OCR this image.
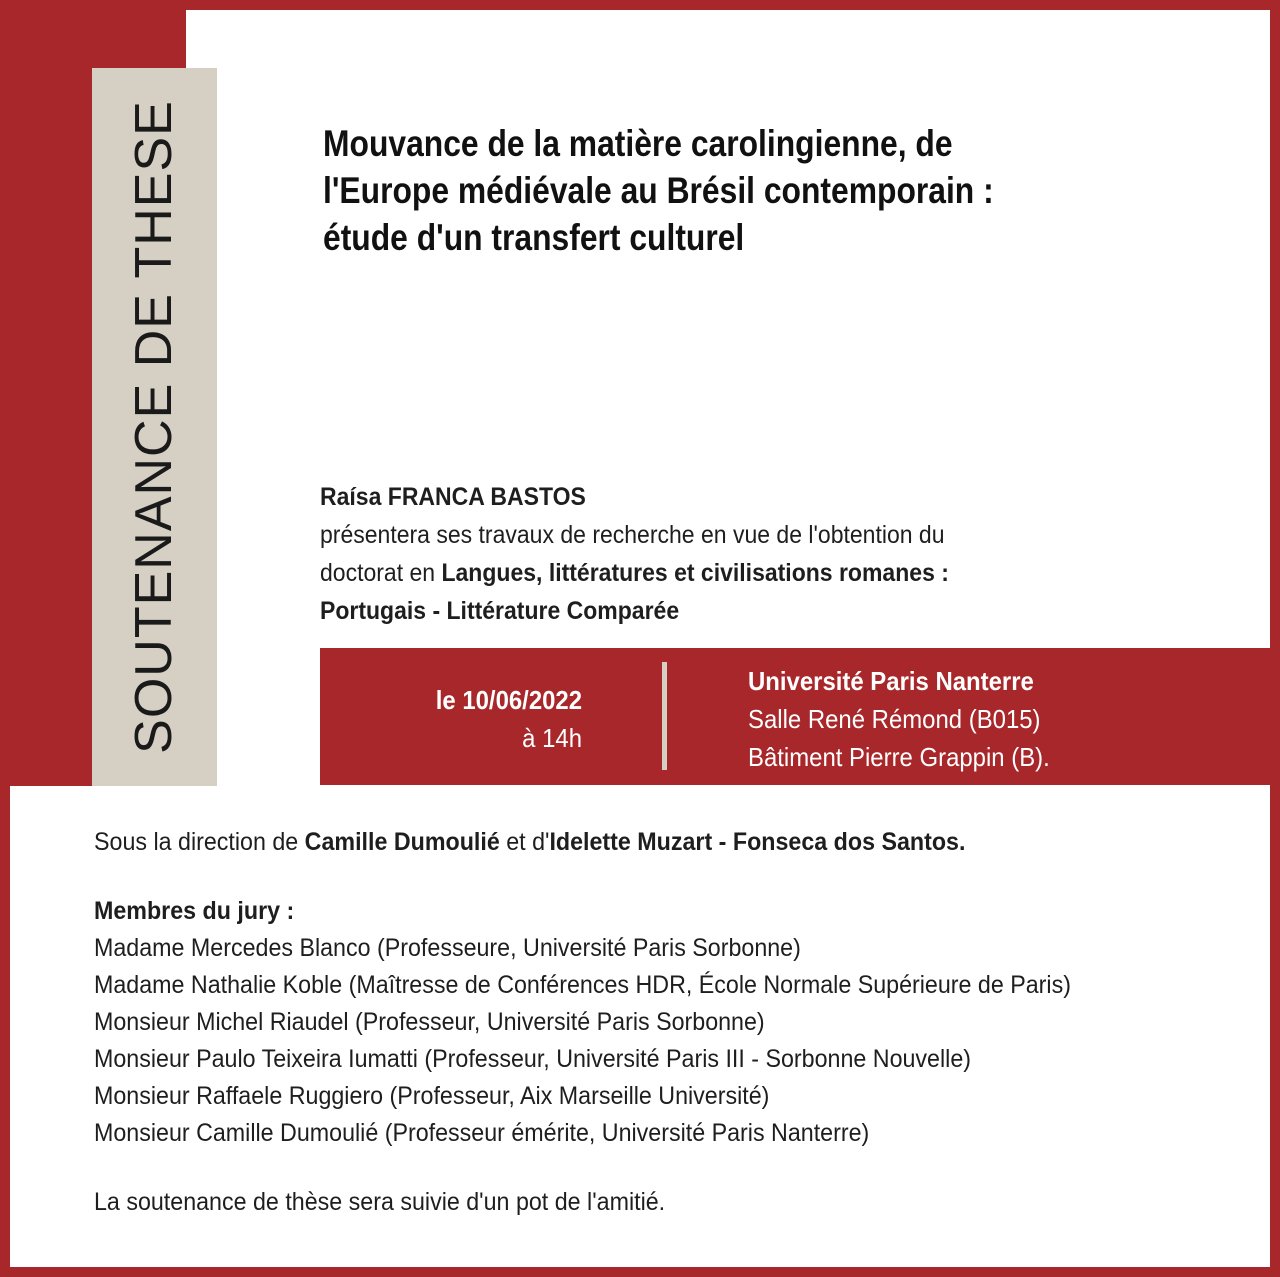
SOUTENANCE DE THESE	Mouvance de la matière carolingienne, de
l'Europe médiévale au Brésil contemporain :
étude d'un transfert culturel
Raísa FRANCA BASTOS
présentera ses travaux de recherche en vue de l'obtention du
doctorat en Langues, littératures et civilisations romanes :
Portugais - Littérature Comparée
le 10/06/2022
à 14h
Université Paris Nanterre
Salle René Rémond (B015)
Bâtiment Pierre Grappin (B).
Sous la direction de Camille Dumoulié et d'Idelette Muzart - Fonseca dos Santos.
Membres du jury :
Madame Mercedes Blanco (Professeure, Université Paris Sorbonne)
Madame Nathalie Koble (Maîtresse de Conférences HDR, École Normale Supérieure de Paris)
Monsieur Michel Riaudel (Professeur, Université Paris Sorbonne)
Monsieur Paulo Teixeira Iumatti (Professeur, Université Paris III - Sorbonne Nouvelle)
Monsieur Raffaele Ruggiero (Professeur, Aix Marseille Université)
Monsieur Camille Dumoulié (Professeur émérite, Université Paris Nanterre)
La soutenance de thèse sera suivie d'un pot de l'amitié.
